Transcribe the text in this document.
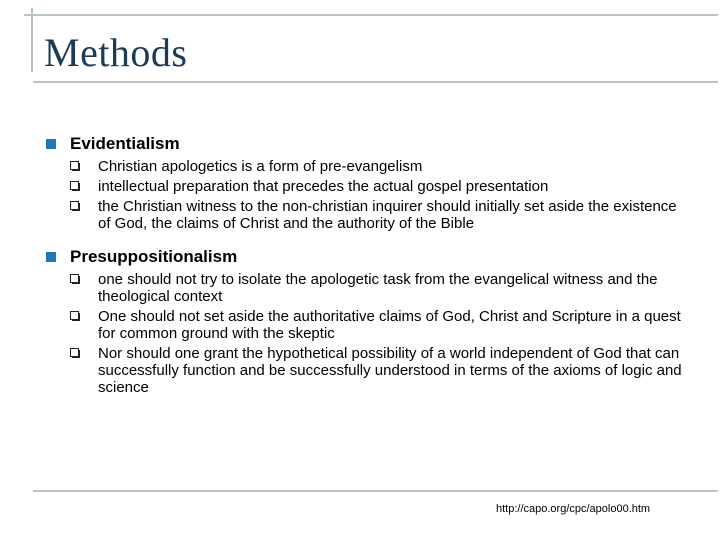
Methods
Evidentialism
Christian apologetics is a form of pre-evangelism
intellectual preparation that precedes the actual gospel presentation
the Christian witness to the non-christian inquirer should initially set aside the existence of God, the claims of Christ and the authority of the Bible
Presuppositionalism
one should not try to isolate the apologetic task from the evangelical witness and the theological context
One should not set aside the authoritative claims of God, Christ and Scripture in a quest for common ground with the skeptic
Nor should one grant the hypothetical possibility of a world independent of God that can successfully function and be successfully understood in terms of the axioms of logic and science
http://capo.org/cpc/apolo00.htm
